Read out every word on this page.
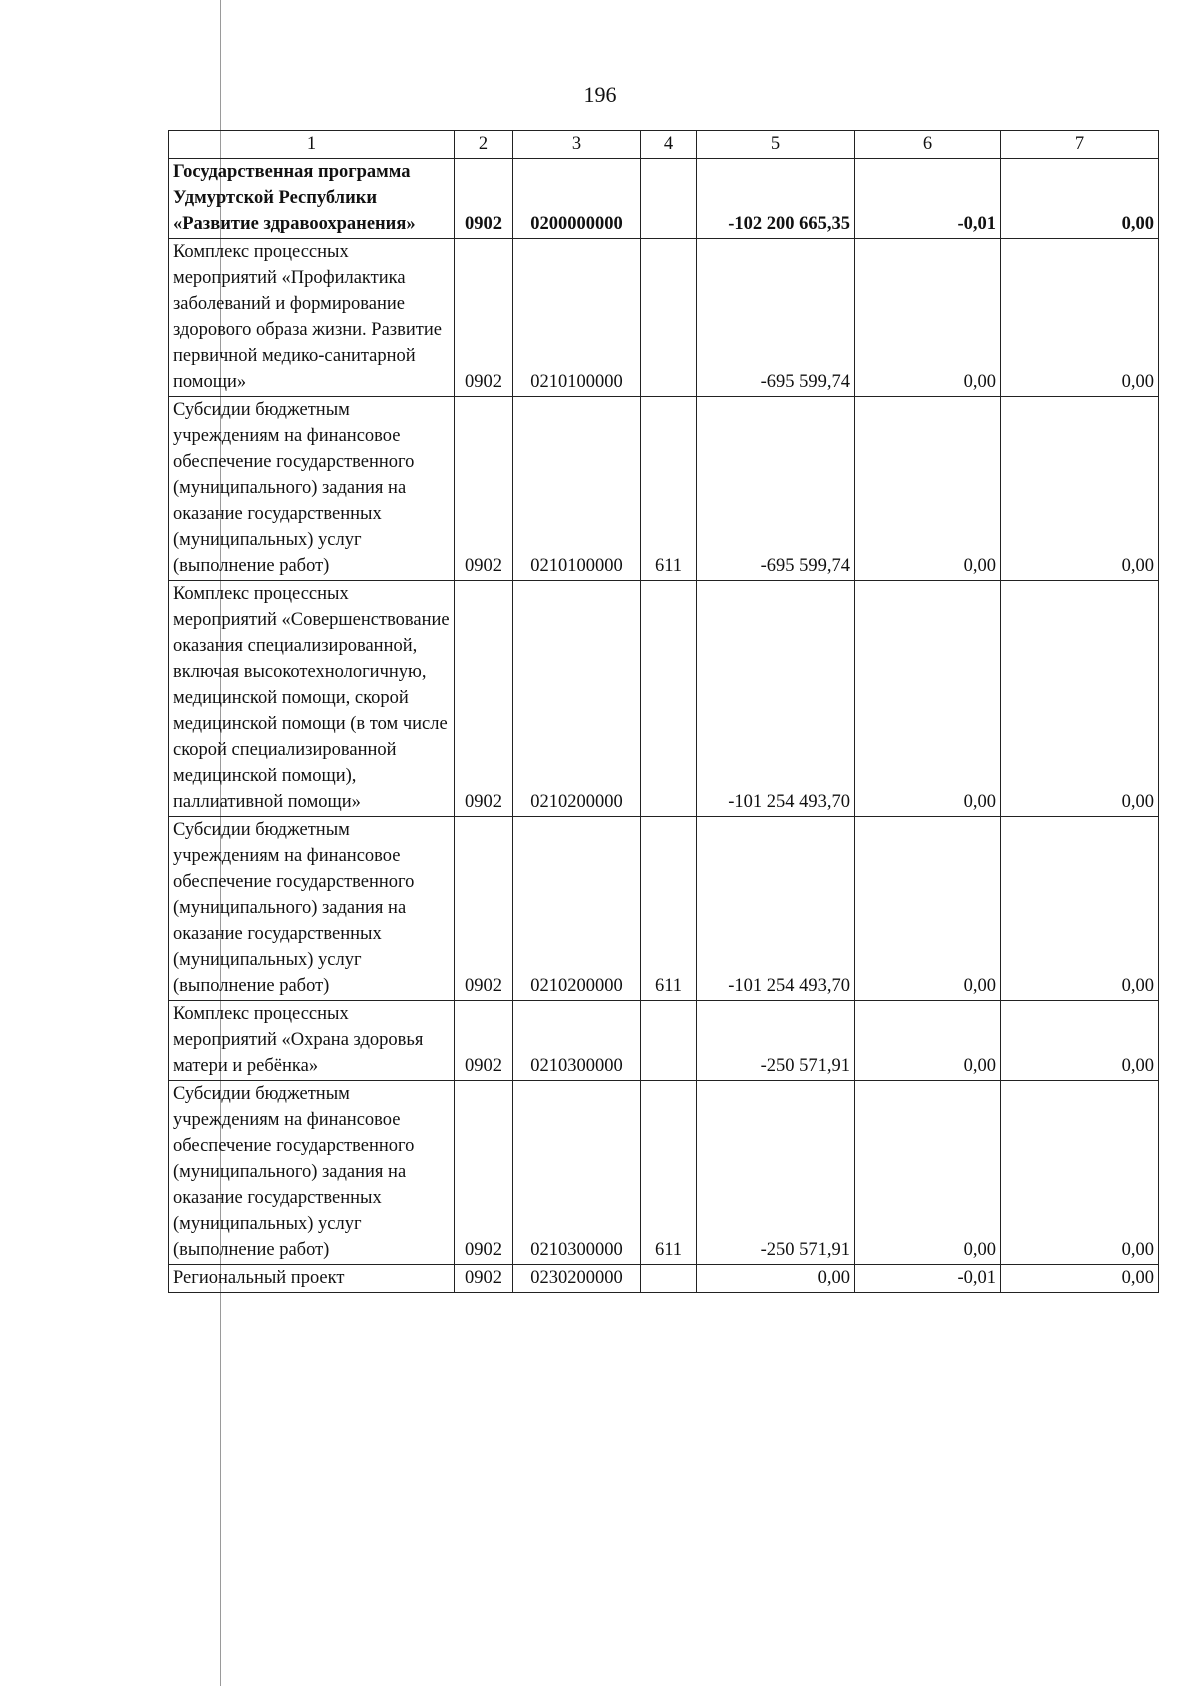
196
1	2	3	4	5	6	7
Государственная программа Удмуртской Республики «Развитие здравоохранения»	0902	0200000000		-102 200 665,35	-0,01	0,00
Комплекс процессных мероприятий «Профилактика заболеваний и формирование здорового образа жизни. Развитие первичной медико-санитарной помощи»	0902	0210100000		-695 599,74	0,00	0,00
Субсидии бюджетным учреждениям на финансовое обеспечение государственного (муниципального) задания на оказание государственных (муниципальных) услуг (выполнение работ)	0902	0210100000	611	-695 599,74	0,00	0,00
Комплекс процессных мероприятий «Совершенствование оказания специализированной, включая высокотехнологичную, медицинской помощи, скорой медицинской помощи (в том числе скорой специализированной медицинской помощи), паллиативной помощи»	0902	0210200000		-101 254 493,70	0,00	0,00
Субсидии бюджетным учреждениям на финансовое обеспечение государственного (муниципального) задания на оказание государственных (муниципальных) услуг (выполнение работ)	0902	0210200000	611	-101 254 493,70	0,00	0,00
Комплекс процессных мероприятий «Охрана здоровья матери и ребёнка»	0902	0210300000		-250 571,91	0,00	0,00
Субсидии бюджетным учреждениям на финансовое обеспечение государственного (муниципального) задания на оказание государственных (муниципальных) услуг (выполнение работ)	0902	0210300000	611	-250 571,91	0,00	0,00
Региональный проект	0902	0230200000		0,00	-0,01	0,00
